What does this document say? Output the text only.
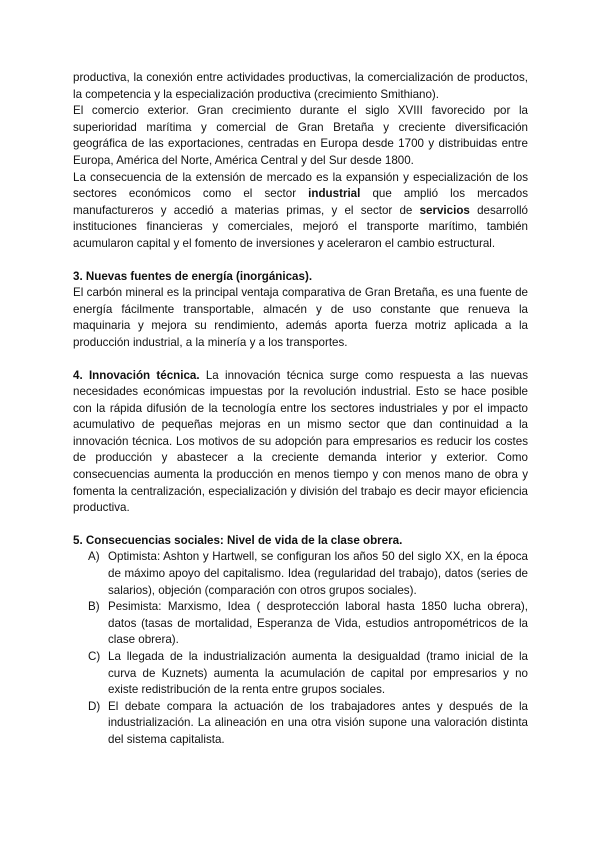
productiva, la conexión entre actividades productivas, la comercialización de productos, la competencia y la especialización productiva (crecimiento Smithiano).

El comercio exterior. Gran crecimiento durante el siglo XVIII favorecido por la superioridad marítima y comercial de Gran Bretaña y creciente diversificación geográfica de las exportaciones, centradas en Europa desde 1700 y distribuidas entre Europa, América del Norte, América Central y del Sur desde 1800.

La consecuencia de la extensión de mercado es la expansión y especialización de los sectores económicos como el sector industrial que amplió los mercados manufactureros y accedió a materias primas, y el sector de servicios desarrolló instituciones financieras y comerciales, mejoró el transporte marítimo, también acumularon capital y el fomento de inversiones y aceleraron el cambio estructural.

3. Nuevas fuentes de energía (inorgánicas).

El carbón mineral es la principal ventaja comparativa de Gran Bretaña, es una fuente de energía fácilmente transportable, almacén y de uso constante que renueva la maquinaria y mejora su rendimiento, además aporta fuerza motriz aplicada a la producción industrial, a la minería y a los transportes.

4. Innovación técnica. La innovación técnica surge como respuesta a las nuevas necesidades económicas impuestas por la revolución industrial. Esto se hace posible con la rápida difusión de la tecnología entre los sectores industriales y por el impacto acumulativo de pequeñas mejoras en un mismo sector que dan continuidad a la innovación técnica. Los motivos de su adopción para empresarios es reducir los costes de producción y abastecer a la creciente demanda interior y exterior. Como consecuencias aumenta la producción en menos tiempo y con menos mano de obra y fomenta la centralización, especialización y división del trabajo es decir mayor eficiencia productiva.

5. Consecuencias sociales: Nivel de vida de la clase obrera.

A) Optimista: Ashton y Hartwell, se configuran los años 50 del siglo XX, en la época de máximo apoyo del capitalismo. Idea (regularidad del trabajo), datos (series de salarios), objeción (comparación con otros grupos sociales).
B) Pesimista: Marxismo, Idea ( desprotección laboral hasta 1850 lucha obrera), datos (tasas de mortalidad, Esperanza de Vida, estudios antropométricos de la clase obrera).
C) La llegada de la industrialización aumenta la desigualdad (tramo inicial de la curva de Kuznets) aumenta la acumulación de capital por empresarios y no existe redistribución de la renta entre grupos sociales.
D) El debate compara la actuación de los trabajadores antes y después de la industrialización. La alineación en una otra visión supone una valoración distinta del sistema capitalista.
